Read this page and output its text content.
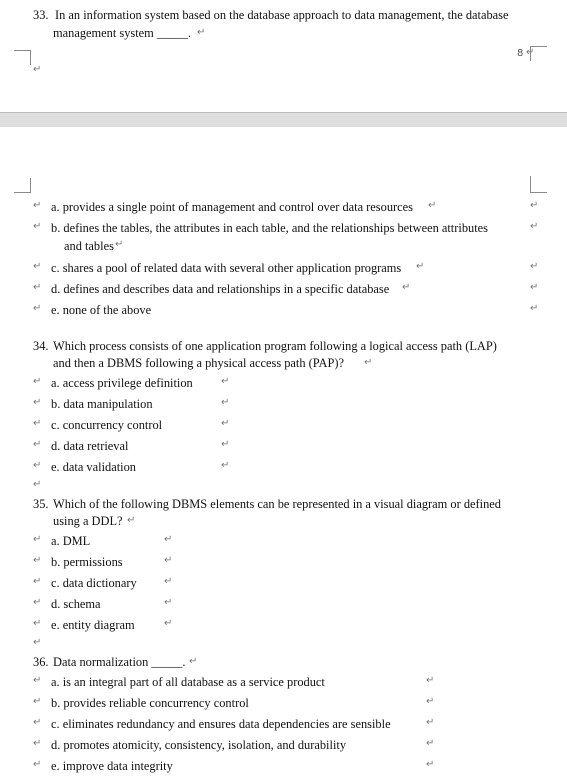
33. In an information system based on the database approach to data management, the database
management system _____. ↵
↵
8 ↵
↵ a. provides a single point of management and control over data resources ↵	↵
↵ b. defines the tables, the attributes in each table, and the relationships between attributes	↵
and tables ↵
↵ c. shares a pool of related data with several other application programs ↵	↵
↵ d. defines and describes data and relationships in a specific database ↵	↵
↵ e. none of the above	↵
34. Which process consists of one application program following a logical access path (LAP)
and then a DBMS following a physical access path (PAP)? ↵
↵ a. access privilege definition	↵
↵ b. data manipulation	↵
↵ c. concurrency control	↵
↵ d. data retrieval	↵
↵ e. data validation	↵
↵
35. Which of the following DBMS elements can be represented in a visual diagram or defined
using a DDL? ↵
↵ a. DML	↵
↵ b. permissions	↵
↵ c. data dictionary	↵
↵ d. schema	↵
↵ e. entity diagram	↵
↵
36. Data normalization _____. ↵
↵ a. is an integral part of all database as a service product	↵
↵ b. provides reliable concurrency control	↵
↵ c. eliminates redundancy and ensures data dependencies are sensible	↵
↵ d. promotes atomicity, consistency, isolation, and durability	↵
↵ e. improve data integrity	↵
